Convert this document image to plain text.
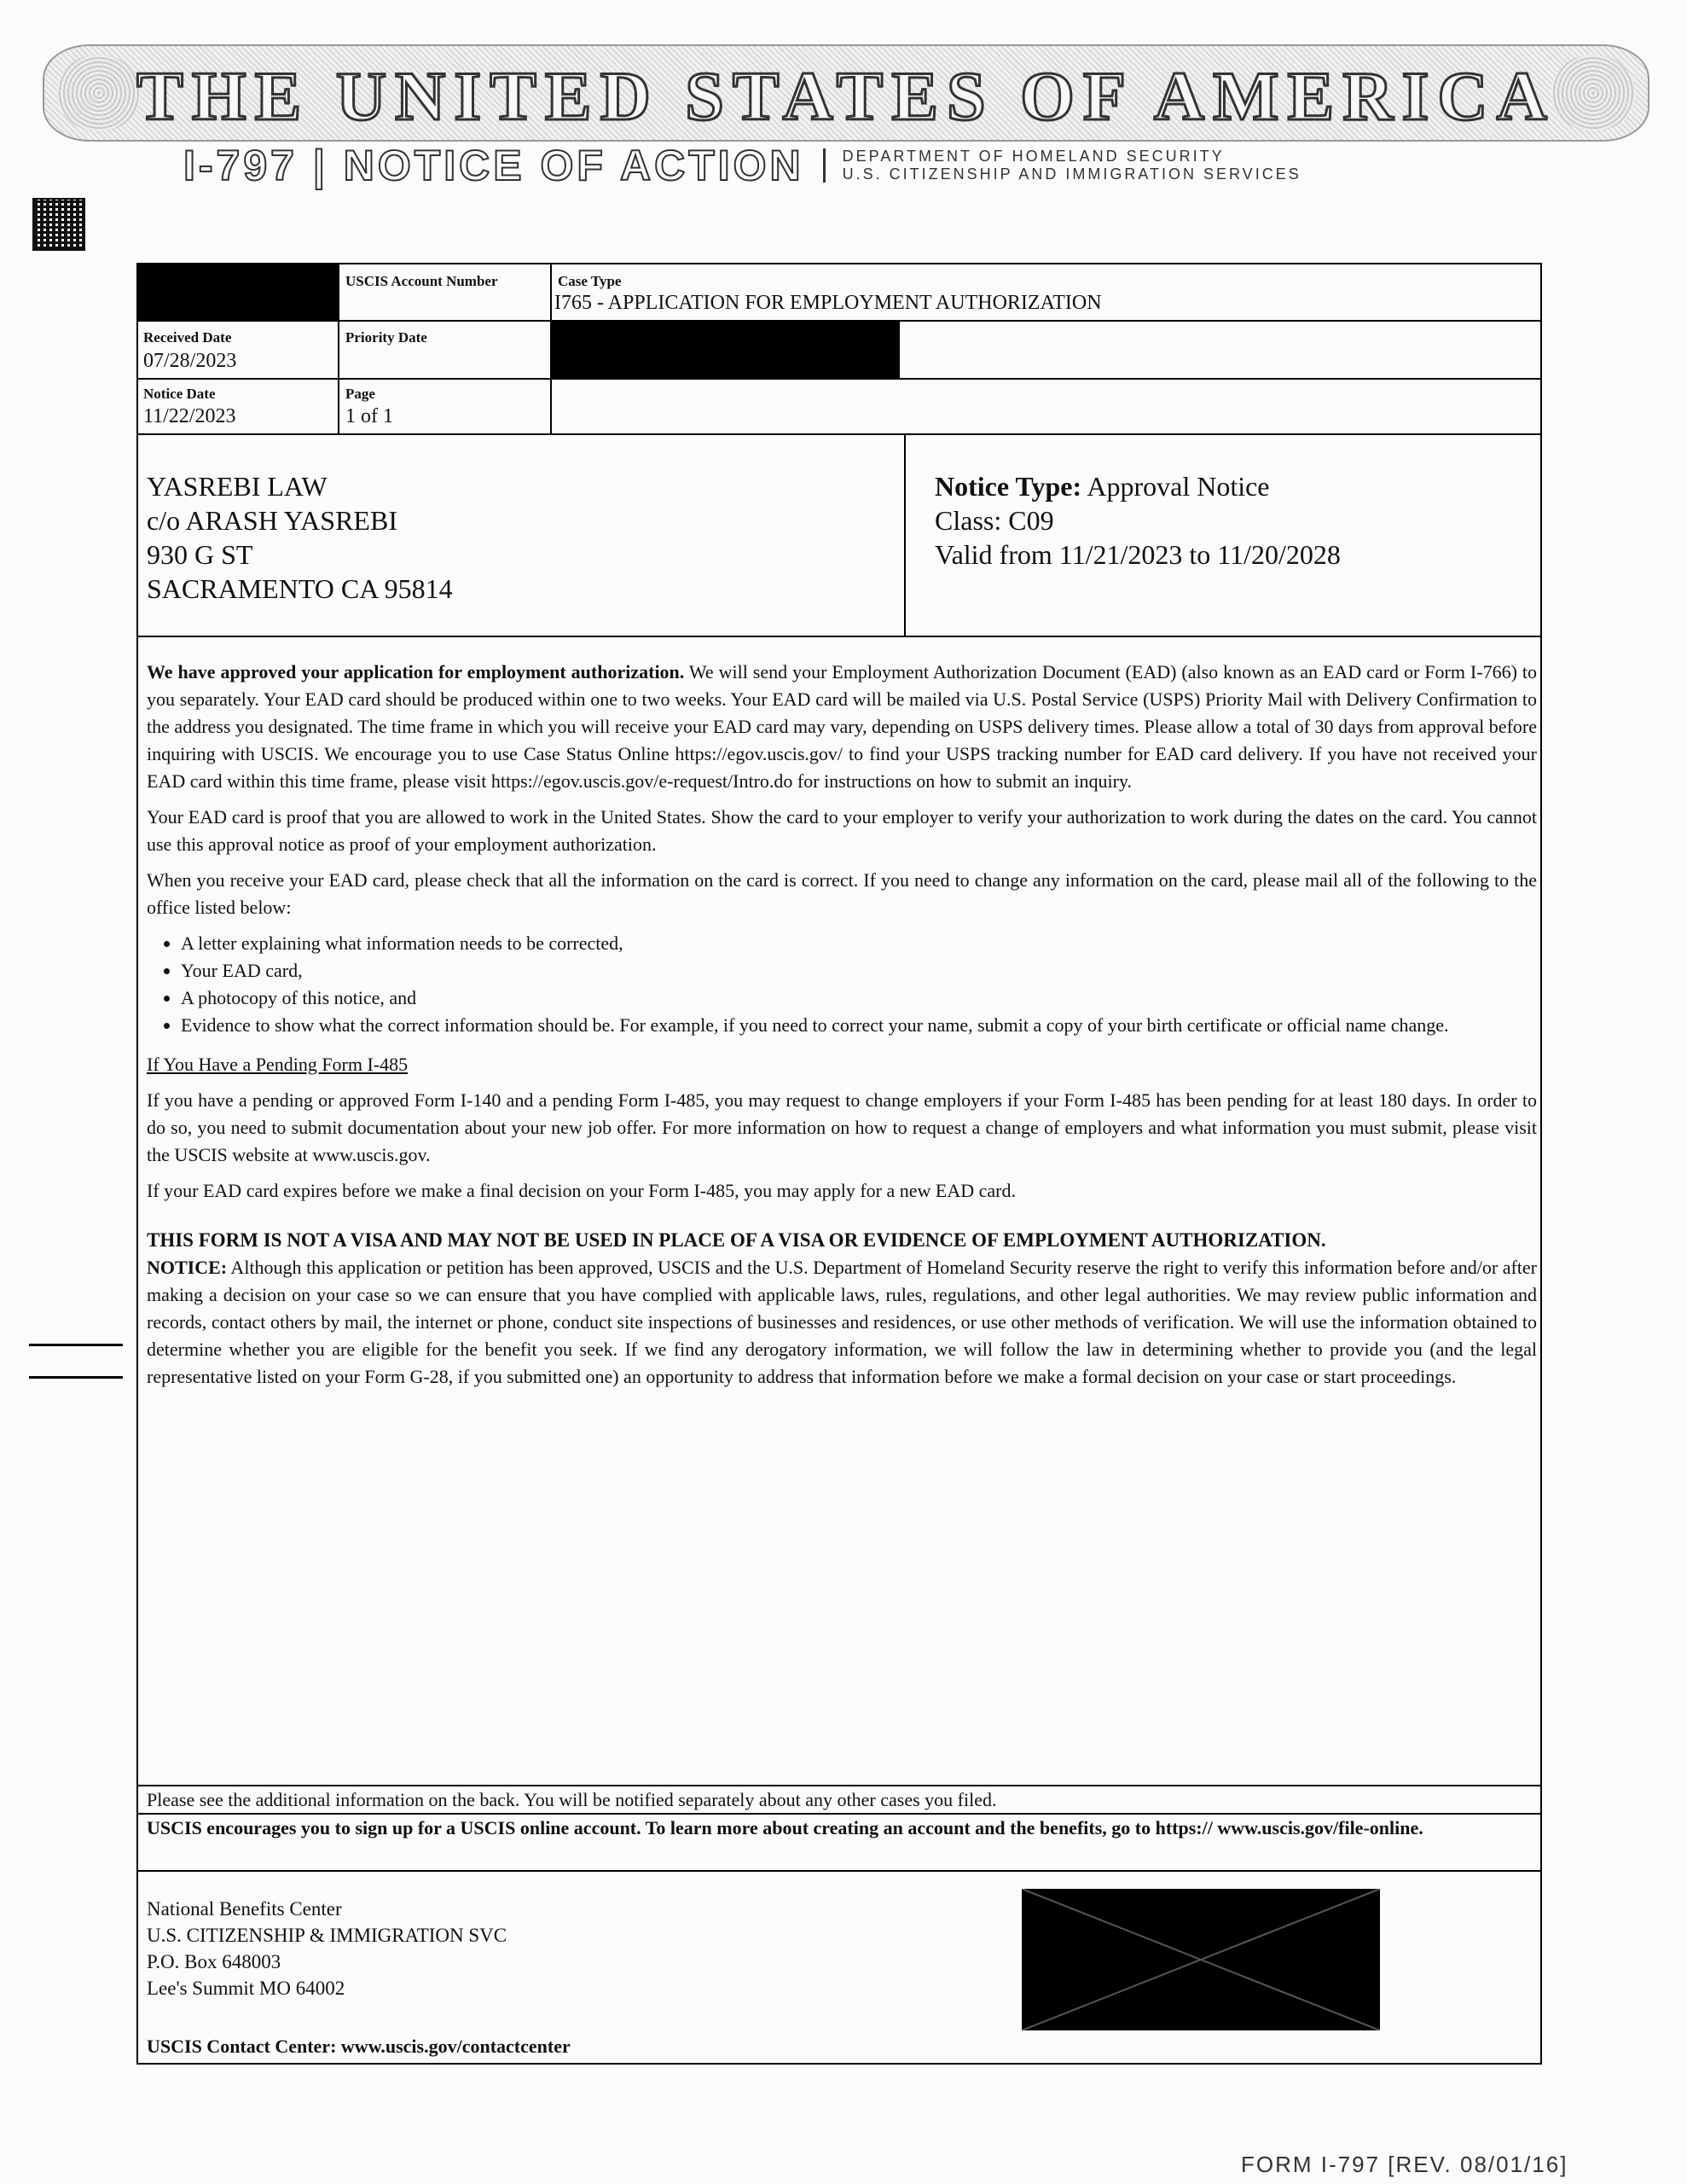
THE UNITED STATES OF AMERICA
I-797 | NOTICE OF ACTION	DEPARTMENT OF HOMELAND SECURITY
U.S. CITIZENSHIP AND IMMIGRATION SERVICES
USCIS Account Number	Case Type
I765 - APPLICATION FOR EMPLOYMENT AUTHORIZATION
Received Date
07/28/2023
Priority Date
Notice Date
11/22/2023
Page
1 of 1
YASREBI LAW
c/o ARASH YASREBI
930 G ST
SACRAMENTO CA 95814
Notice Type: Approval Notice
Class: C09
Valid from 11/21/2023 to 11/20/2028

We have approved your application for employment authorization. We will send your Employment Authorization Document (EAD) (also known as an EAD card or Form I-766) to you separately. Your EAD card should be produced within one to two weeks. Your EAD card will be mailed via U.S. Postal Service (USPS) Priority Mail with Delivery Confirmation to the address you designated. The time frame in which you will receive your EAD card may vary, depending on USPS delivery times. Please allow a total of 30 days from approval before inquiring with USCIS. We encourage you to use Case Status Online https://egov.uscis.gov/ to find your USPS tracking number for EAD card delivery. If you have not received your EAD card within this time frame, please visit https://egov.uscis.gov/e-request/Intro.do for instructions on how to submit an inquiry.

Your EAD card is proof that you are allowed to work in the United States. Show the card to your employer to verify your authorization to work during the dates on the card. You cannot use this approval notice as proof of your employment authorization.

When you receive your EAD card, please check that all the information on the card is correct. If you need to change any information on the card, please mail all of the following to the office listed below:

• A letter explaining what information needs to be corrected,
• Your EAD card,
• A photocopy of this notice, and
• Evidence to show what the correct information should be. For example, if you need to correct your name, submit a copy of your birth certificate or official name change.

If You Have a Pending Form I-485

If you have a pending or approved Form I-140 and a pending Form I-485, you may request to change employers if your Form I-485 has been pending for at least 180 days. In order to do so, you need to submit documentation about your new job offer. For more information on how to request a change of employers and what information you must submit, please visit the USCIS website at www.uscis.gov.

If your EAD card expires before we make a final decision on your Form I-485, you may apply for a new EAD card.

THIS FORM IS NOT A VISA AND MAY NOT BE USED IN PLACE OF A VISA OR EVIDENCE OF EMPLOYMENT AUTHORIZATION.

NOTICE: Although this application or petition has been approved, USCIS and the U.S. Department of Homeland Security reserve the right to verify this information before and/or after making a decision on your case so we can ensure that you have complied with applicable laws, rules, regulations, and other legal authorities. We may review public information and records, contact others by mail, the internet or phone, conduct site inspections of businesses and residences, or use other methods of verification. We will use the information obtained to determine whether you are eligible for the benefit you seek. If we find any derogatory information, we will follow the law in determining whether to provide you (and the legal representative listed on your Form G-28, if you submitted one) an opportunity to address that information before we make a formal decision on your case or start proceedings.

Please see the additional information on the back. You will be notified separately about any other cases you filed.
USCIS encourages you to sign up for a USCIS online account. To learn more about creating an account and the benefits, go to https:// www.uscis.gov/file-online.
National Benefits Center
U.S. CITIZENSHIP & IMMIGRATION SVC
P.O. Box 648003
Lee's Summit MO 64002
USCIS Contact Center: www.uscis.gov/contactcenter
FORM I-797 [REV. 08/01/16]
